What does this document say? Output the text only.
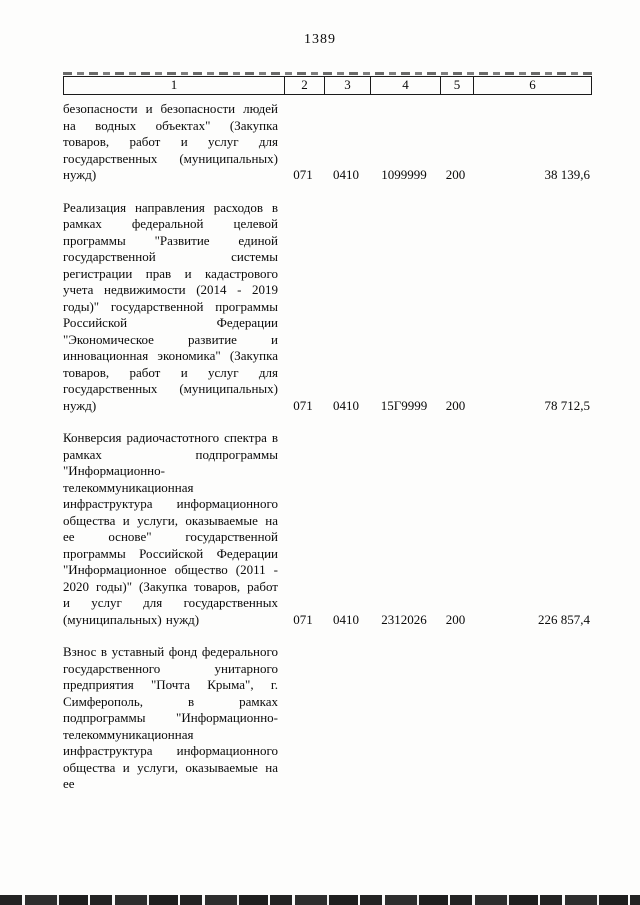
1389
1	2	3	4	5	6
безопасности и безопасности людей на водных объектах" (Закупка товаров, работ и услуг для государственных (муниципальных) нужд)	071	0410	1099999	200	38 139,6
Реализация направления расходов в рамках федеральной целевой программы "Развитие единой государственной системы регистрации прав и кадастрового учета недвижимости (2014 - 2019 годы)" государственной программы Российской Федерации "Экономическое развитие и инновационная экономика" (Закупка товаров, работ и услуг для государственных (муниципальных) нужд)	071	0410	15Г9999	200	78 712,5
Конверсия радиочастотного спектра в рамках подпрограммы "Информационно-телекоммуникационная инфраструктура информационного общества и услуги, оказываемые на ее основе" государственной программы Российской Федерации "Информационное общество (2011 - 2020 годы)" (Закупка товаров, работ и услуг для государственных (муниципальных) нужд)	071	0410	2312026	200	226 857,4
Взнос в уставный фонд федерального государственного унитарного предприятия "Почта Крыма", г. Симферополь, в рамках подпрограммы "Информационно-телекоммуникационная инфраструктура информационного общества и услуги, оказываемые на ее
